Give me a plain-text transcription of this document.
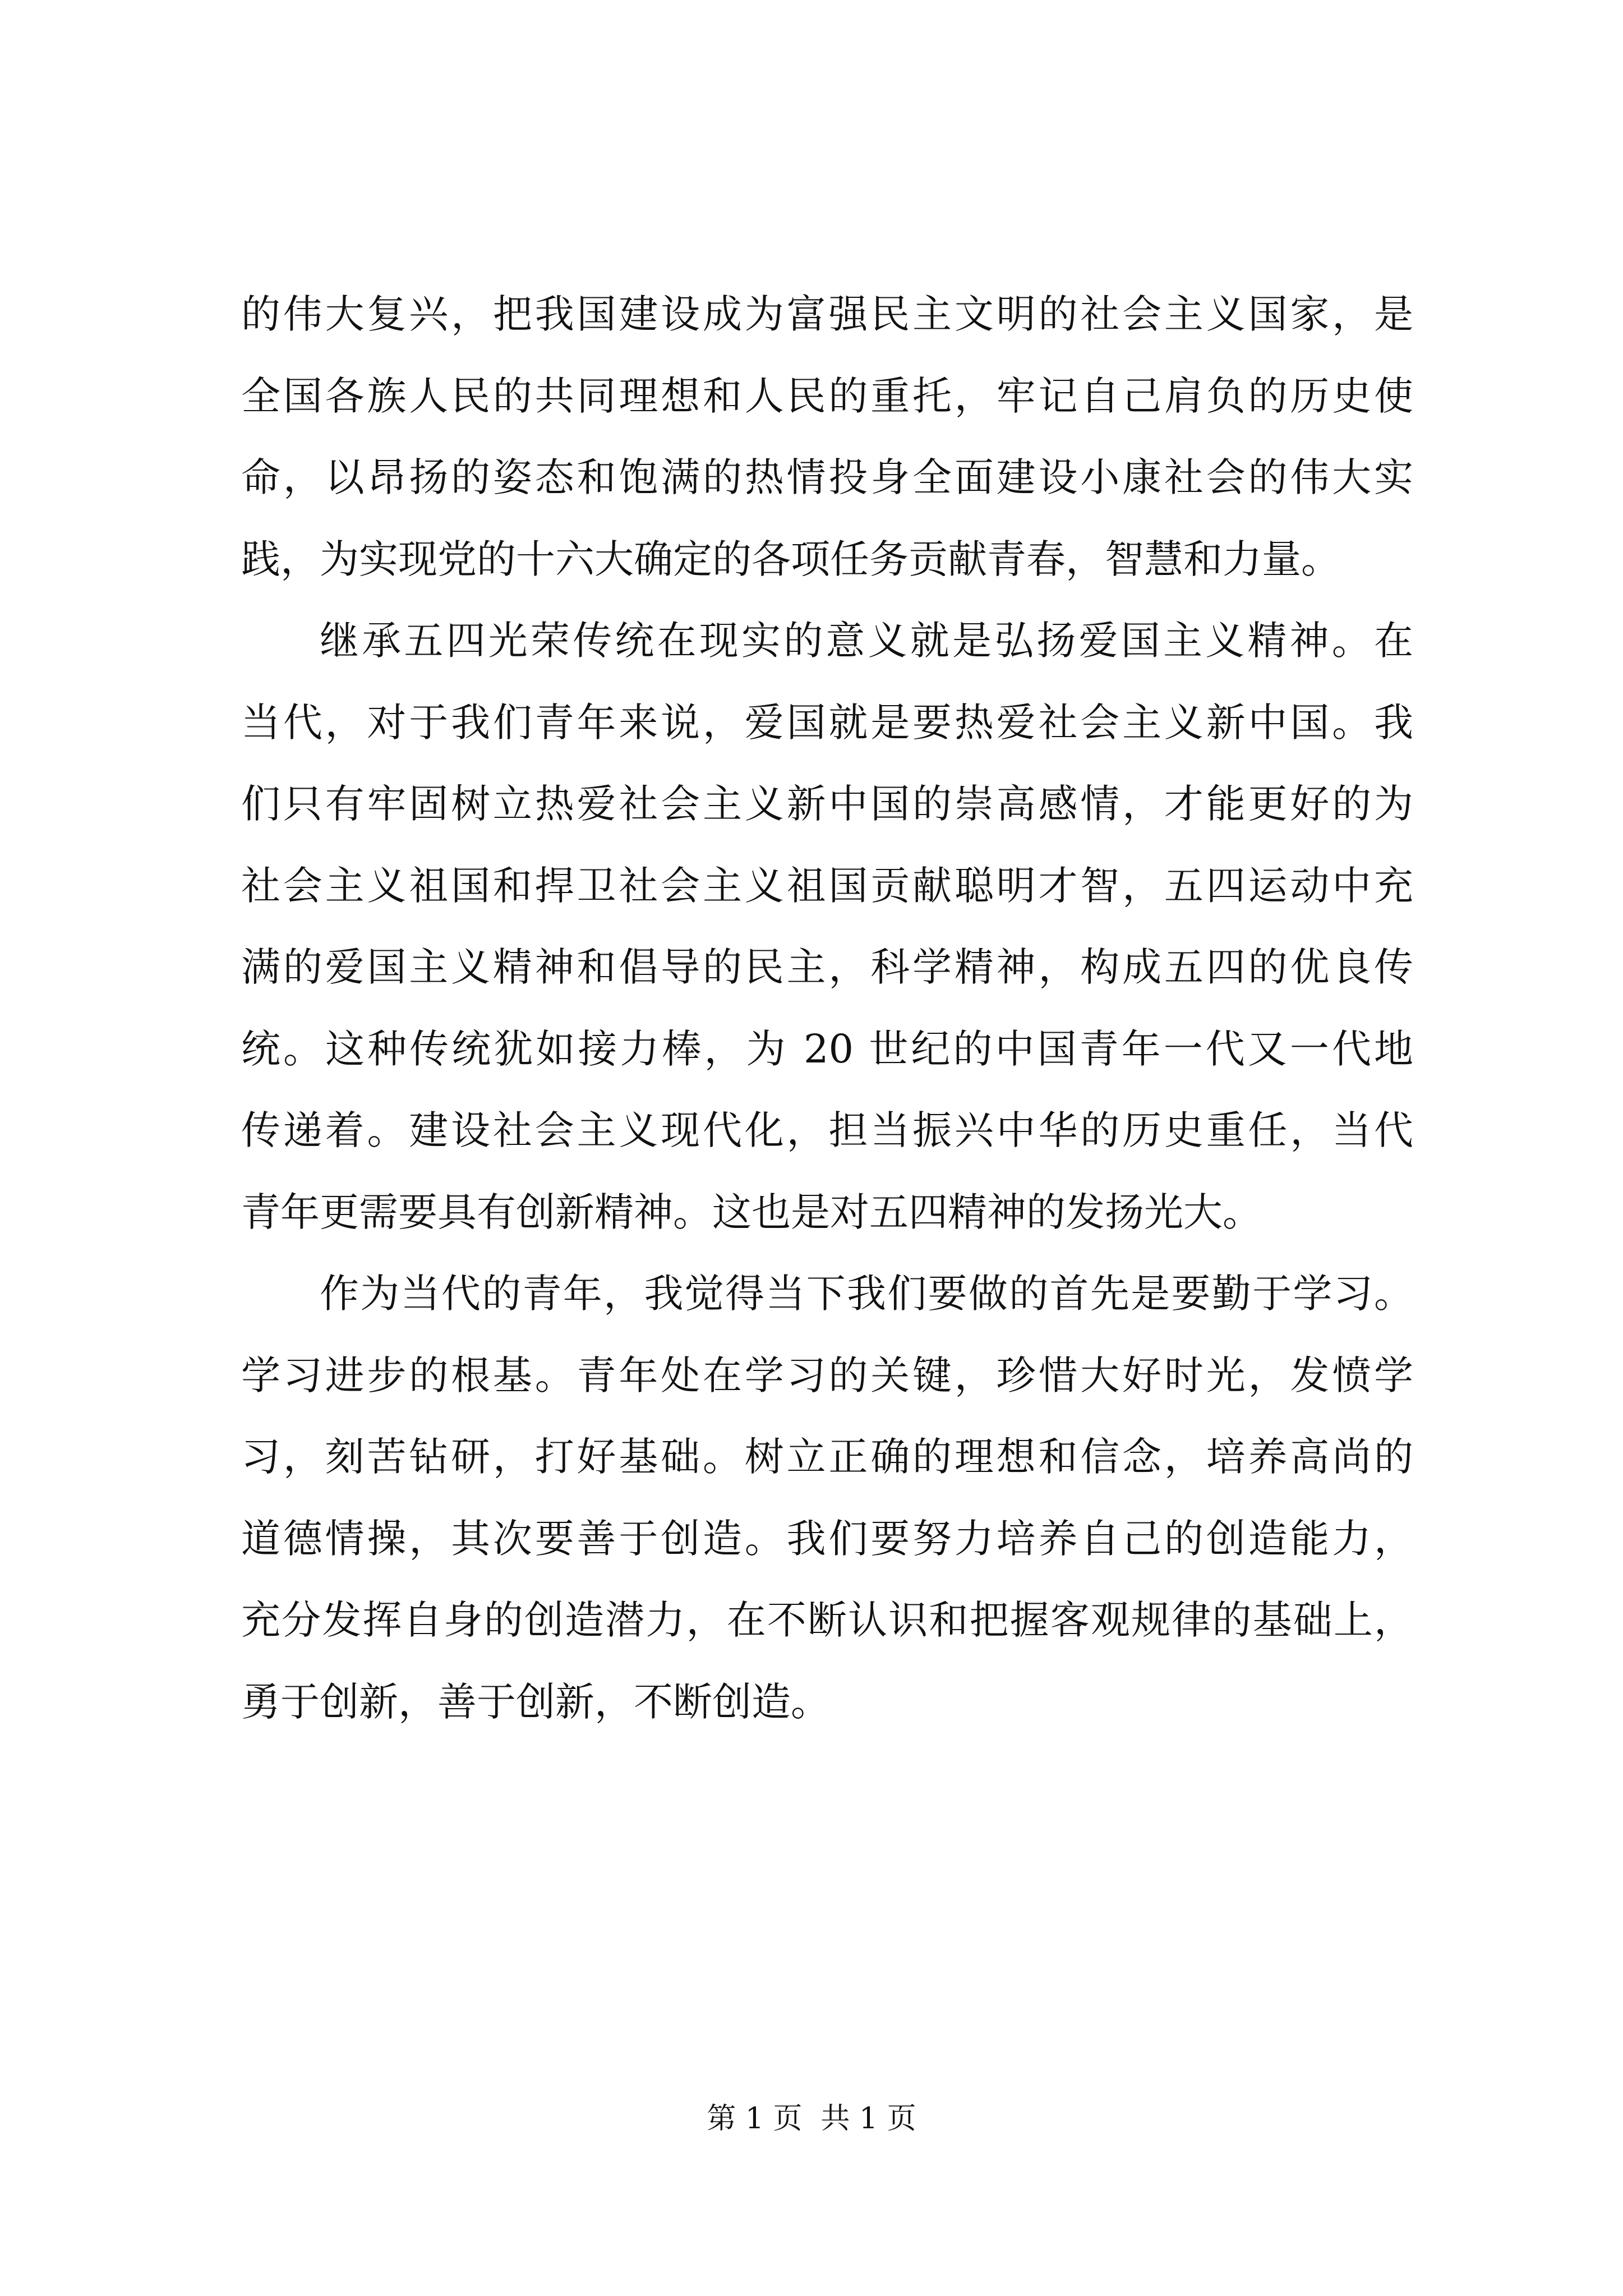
的伟大复兴，把我国建设成为富强民主文明的社会主义国家，是
全国各族人民的共同理想和人民的重托，牢记自己肩负的历史使
命，以昂扬的姿态和饱满的热情投身全面建设小康社会的伟大实
践，为实现党的十六大确定的各项任务贡献青春，智慧和力量。
继承五四光荣传统在现实的意义就是弘扬爱国主义精神。在
当代，对于我们青年来说，爱国就是要热爱社会主义新中国。我
们只有牢固树立热爱社会主义新中国的崇高感情，才能更好的为
社会主义祖国和捍卫社会主义祖国贡献聪明才智，五四运动中充
满的爱国主义精神和倡导的民主，科学精神，构成五四的优良传
统。这种传统犹如接力棒，为 20 世纪的中国青年一代又一代地
传递着。建设社会主义现代化，担当振兴中华的历史重任，当代
青年更需要具有创新精神。这也是对五四精神的发扬光大。
作为当代的青年，我觉得当下我们要做的首先是要勤于学习。
学习进步的根基。青年处在学习的关键，珍惜大好时光，发愤学
习，刻苦钻研，打好基础。树立正确的理想和信念，培养高尚的
道德情操，其次要善于创造。我们要努力培养自己的创造能力，
充分发挥自身的创造潜力，在不断认识和把握客观规律的基础上，
勇于创新，善于创新，不断创造。
第 1 页  共 1 页
